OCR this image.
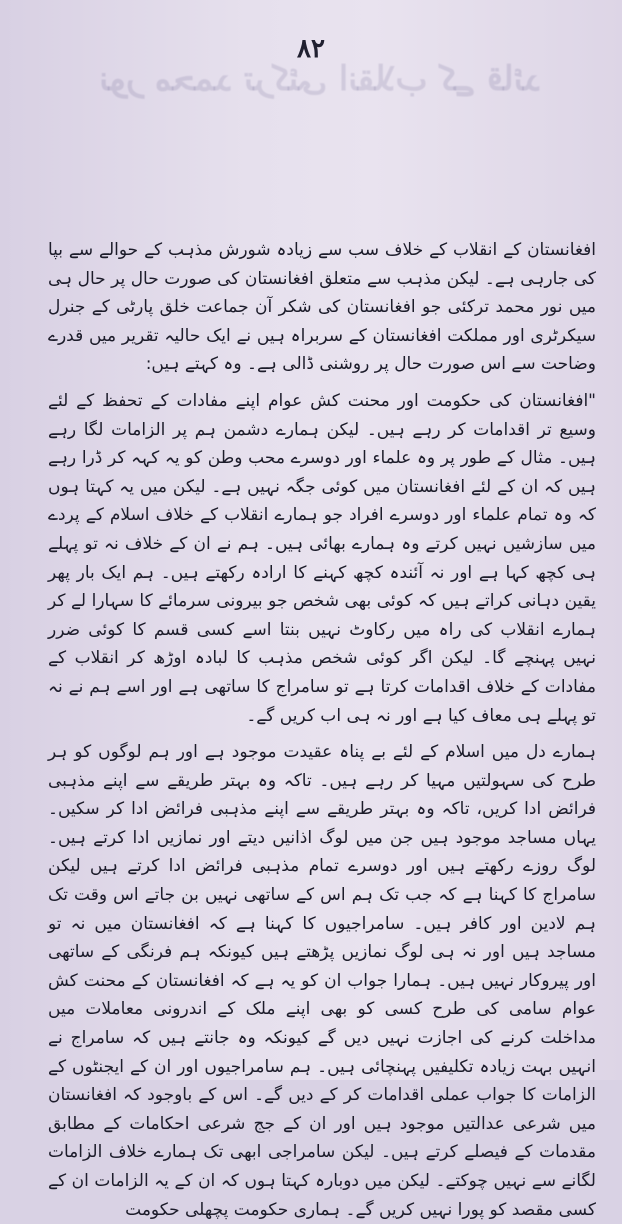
نور محمد ترکئی انقلاب کے قائد
۸۲

افغانستان کے انقلاب کے خلاف سب سے زیادہ شورش مذہب کے حوالے سے بپا کی جارہی ہے۔ لیکن مذہب سے متعلق افغانستان کی صورت حال پر حال ہی میں نور محمد ترکئی جو افغانستان کی شکر آن جماعت خلق پارٹی کے جنرل سیکرٹری اور مملکت افغانستان کے سربراہ ہیں نے ایک حالیہ تقریر میں قدرے وضاحت سے اس صورت حال پر روشنی ڈالی ہے۔ وہ کہتے ہیں:

"افغانستان کی حکومت اور محنت کش عوام اپنے مفادات کے تحفظ کے لئے وسیع تر اقدامات کر رہے ہیں۔ لیکن ہمارے دشمن ہم پر الزامات لگا رہے ہیں۔ مثال کے طور پر وہ علماء اور دوسرے محب وطن کو یہ کہہ کر ڈرا رہے ہیں کہ ان کے لئے افغانستان میں کوئی جگہ نہیں ہے۔ لیکن میں یہ کہتا ہوں کہ وہ تمام علماء اور دوسرے افراد جو ہمارے انقلاب کے خلاف اسلام کے پردے میں سازشیں نہیں کرتے وہ ہمارے بھائی ہیں۔ ہم نے ان کے خلاف نہ تو پہلے ہی کچھ کہا ہے اور نہ آئندہ کچھ کہنے کا ارادہ رکھتے ہیں۔ ہم ایک بار پھر یقین دہانی کراتے ہیں کہ کوئی بھی شخص جو بیرونی سرمائے کا سہارا لے کر ہمارے انقلاب کی راہ میں رکاوٹ نہیں بنتا اسے کسی قسم کا کوئی ضرر نہیں پہنچے گا۔ لیکن اگر کوئی شخص مذہب کا لبادہ اوڑھ کر انقلاب کے مفادات کے خلاف اقدامات کرتا ہے تو سامراج کا ساتھی ہے اور اسے ہم نے نہ تو پہلے ہی معاف کیا ہے اور نہ ہی اب کریں گے۔

ہمارے دل میں اسلام کے لئے بے پناہ عقیدت موجود ہے اور ہم لوگوں کو ہر طرح کی سہولتیں مہیا کر رہے ہیں۔ تاکہ وہ بہتر طریقے سے اپنے مذہبی فرائض ادا کریں، تاکہ وہ بہتر طریقے سے اپنے مذہبی فرائض ادا کر سکیں۔ یہاں مساجد موجود ہیں جن میں لوگ اذانیں دیتے اور نمازیں ادا کرتے ہیں۔ لوگ روزے رکھتے ہیں اور دوسرے تمام مذہبی فرائض ادا کرتے ہیں لیکن سامراج کا کہنا ہے کہ جب تک ہم اس کے ساتھی نہیں بن جاتے اس وقت تک ہم لادین اور کافر ہیں۔ سامراجیوں کا کہنا ہے کہ افغانستان میں نہ تو مساجد ہیں اور نہ ہی لوگ نمازیں پڑھتے ہیں کیونکہ ہم فرنگی کے ساتھی اور پیروکار نہیں ہیں۔ ہمارا جواب ان کو یہ ہے کہ افغانستان کے محنت کش عوام سامی کی طرح کسی کو بھی اپنے ملک کے اندرونی معاملات میں مداخلت کرنے کی اجازت نہیں دیں گے کیونکہ وہ جانتے ہیں کہ سامراج نے انہیں بہت زیادہ تکلیفیں پہنچائی ہیں۔ ہم سامراجیوں اور ان کے ایجنٹوں کے الزامات کا جواب عملی اقدامات کر کے دیں گے۔ اس کے باوجود کہ افغانستان میں شرعی عدالتیں موجود ہیں اور ان کے جج شرعی احکامات کے مطابق مقدمات کے فیصلے کرتے ہیں۔ لیکن سامراجی ابھی تک ہمارے خلاف الزامات لگانے سے نہیں چوکتے۔ لیکن میں دوبارہ کہتا ہوں کہ ان کے یہ الزامات ان کے کسی مقصد کو پورا نہیں کریں گے۔ ہماری حکومت پچھلی حکومت
